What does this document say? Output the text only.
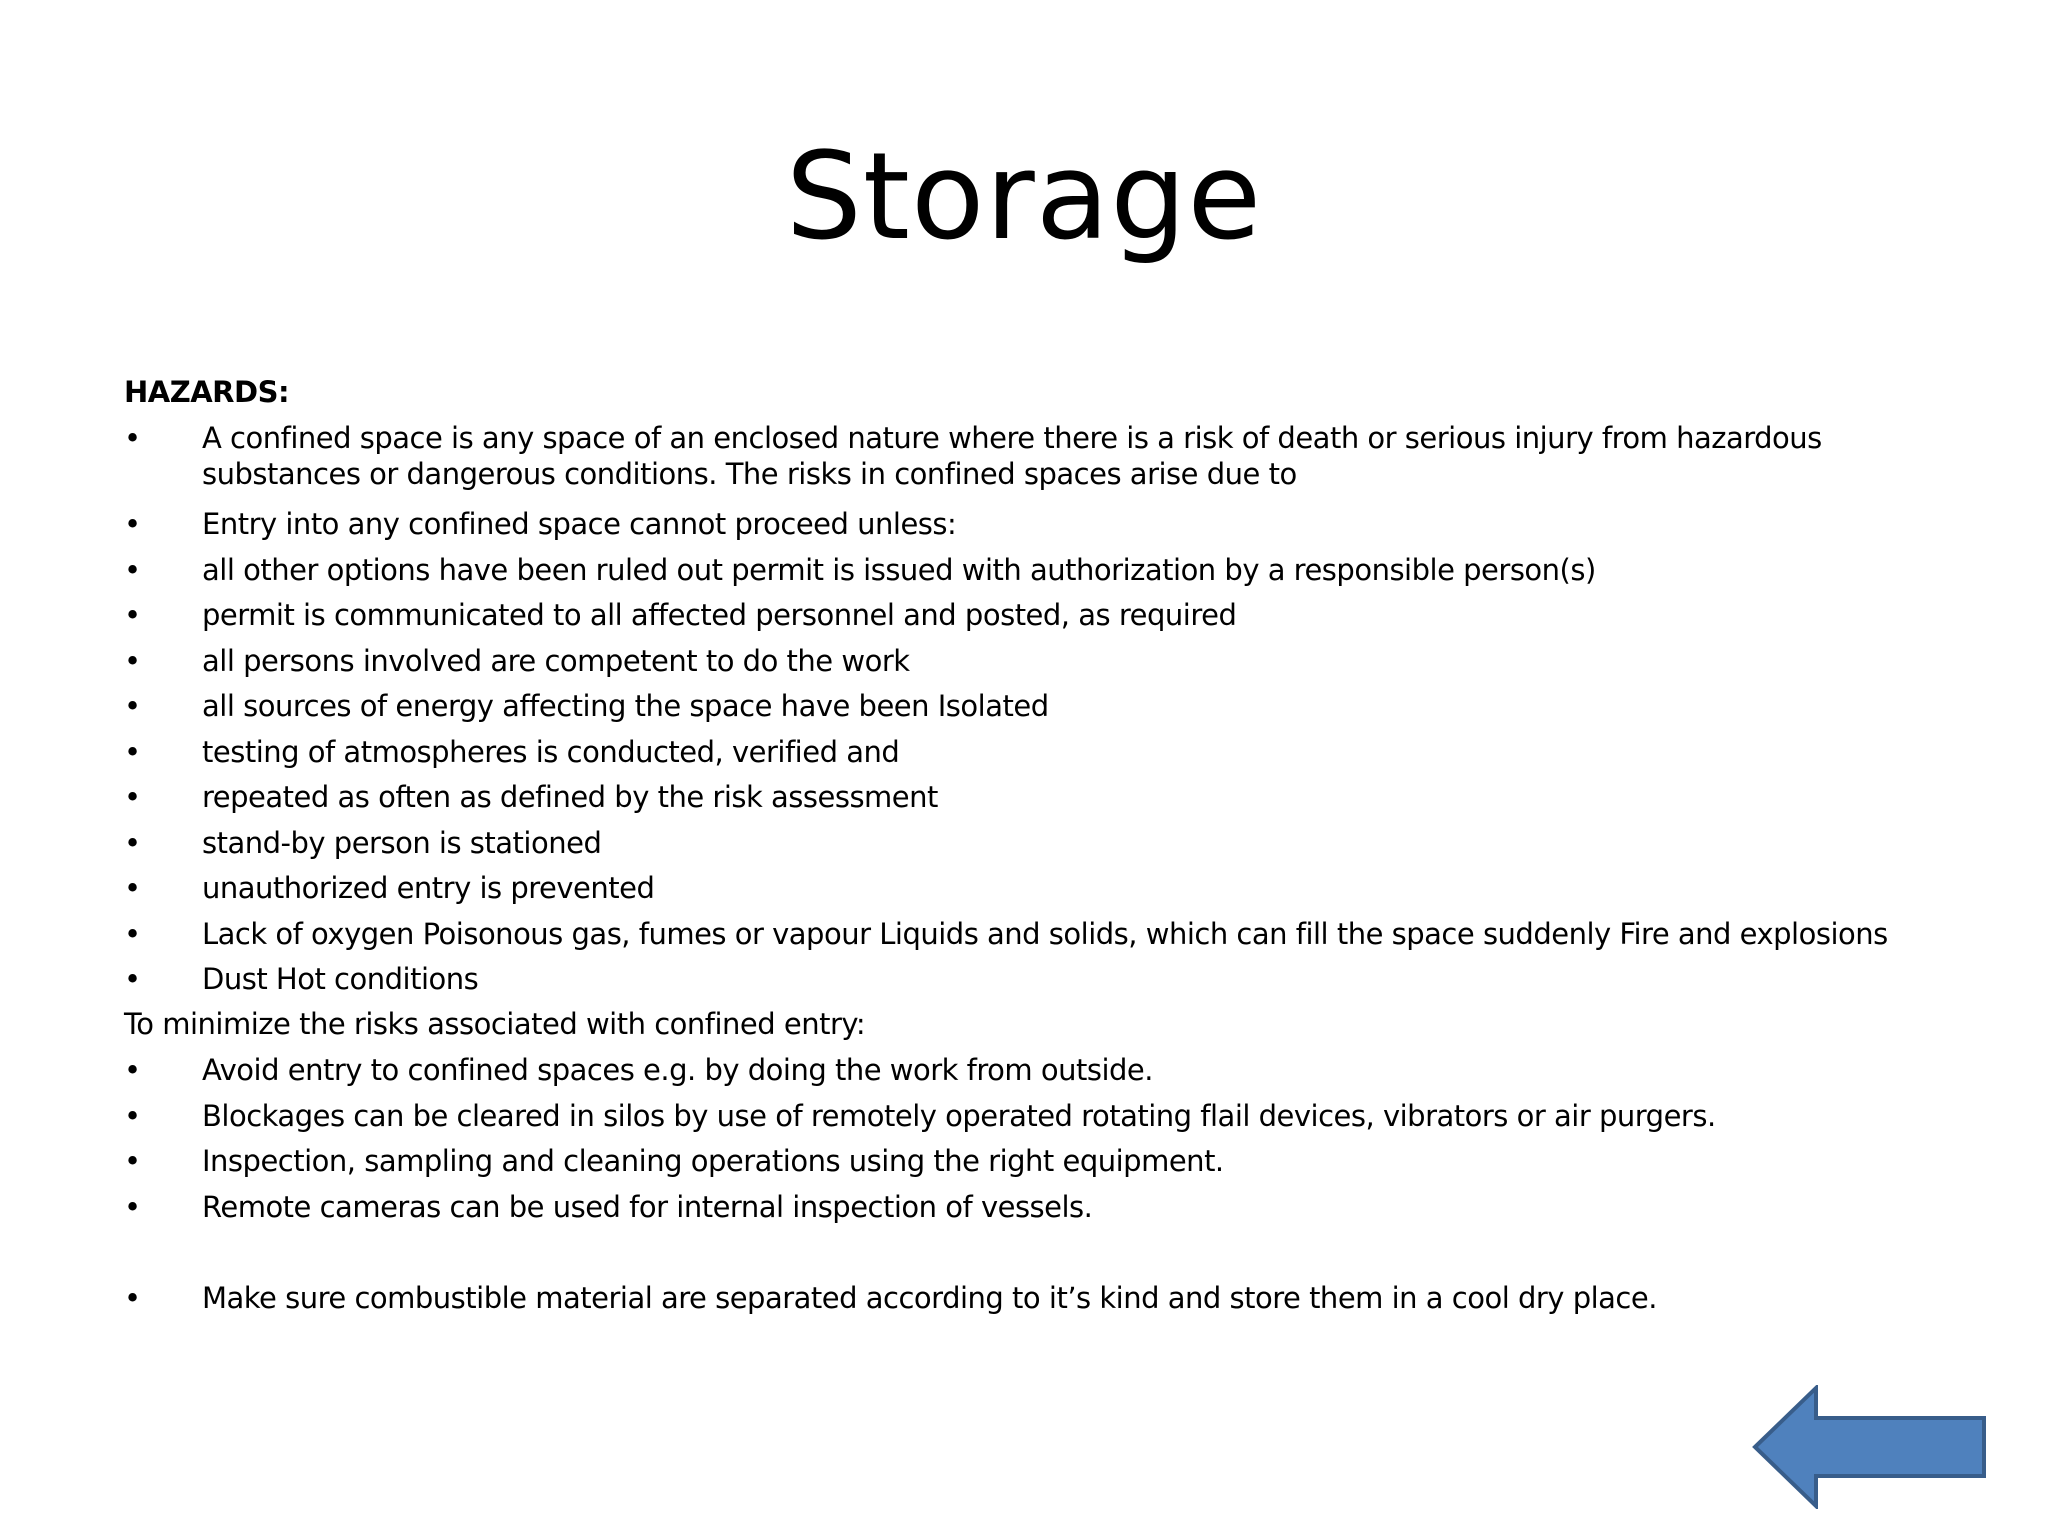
Storage
HAZARDS:
• A confined space is any space of an enclosed nature where there is a risk of death or serious injury from hazardous substances or dangerous conditions. The risks in confined spaces arise due to
• Entry into any confined space cannot proceed unless:
• all other options have been ruled out permit is issued with authorization by a responsible person(s)
• permit is communicated to all affected personnel and posted, as required
• all persons involved are competent to do the work
• all sources of energy affecting the space have been Isolated
• testing of atmospheres is conducted, verified and
• repeated as often as defined by the risk assessment
• stand-by person is stationed
• unauthorized entry is prevented
• Lack of oxygen Poisonous gas, fumes or vapour Liquids and solids, which can fill the space suddenly Fire and explosions
• Dust Hot conditions
To minimize the risks associated with confined entry:
• Avoid entry to confined spaces e.g. by doing the work from outside.
• Blockages can be cleared in silos by use of remotely operated rotating flail devices, vibrators or air purgers.
• Inspection, sampling and cleaning operations using the right equipment.
• Remote cameras can be used for internal inspection of vessels.
• Make sure combustible material are separated according to it’s kind and store them in a cool dry place.
